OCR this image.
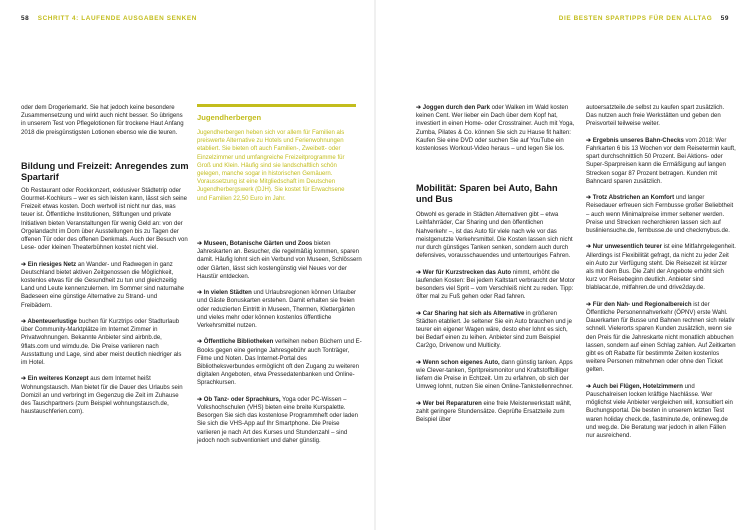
58 SCHRITT 4: LAUFENDE AUSGABEN SENKEN	DIE BESTEN SPARTIPPS FÜR DEN ALLTAG 59

oder dem Drogeriemarkt. Sie hat jedoch keine besondere Zusammensetzung und wirkt auch nicht besser. So übrigens in unserem Test von Pflegelotionen für trockene Haut Anfang 2018 die preisgünstigsten Lotionen ebenso wie die teuren.

Bildung und Freizeit: Anregendes zum Spartarif

Ob Restaurant oder Rockkonzert, exklusiver Städtetrip oder Gourmet-Kochkurs – wer es sich leisten kann, lässt sich seine Freizeit etwas kosten. Doch wertvoll ist nicht nur das, was teuer ist. Öffentliche Institutionen, Stiftungen und private Initiativen bieten Veranstaltungen für wenig Geld an: von der Orgelandacht im Dom über Ausstellungen bis zu Tagen der offenen Tür oder des offenen Denkmals. Auch der Besuch von Lese- oder kleinen Theaterbühnen kostet nicht viel.

➔ Ein riesiges Netz an Wander- und Radwegen in ganz Deutschland bietet aktiven Zeitgenossen die Möglichkeit, kostenlos etwas für die Gesundheit zu tun und gleichzeitig Land und Leute kennenzulernen. Im Sommer sind naturnahe Badeseen eine günstige Alternative zu Strand- und Freibädern.

➔ Abenteuerlustige buchen für Kurztrips oder Stadturlaub über Community-Marktplätze im Internet Zimmer in Privatwohnungen. Bekannte Anbieter sind airbnb.de, 9flats.com und wimdu.de. Die Preise variieren nach Ausstattung und Lage, sind aber meist deutlich niedriger als im Hotel.

➔ Ein weiteres Konzept aus dem Internet heißt Wohnungstausch. Man bietet für die Dauer des Urlaubs sein Domizil an und verbringt im Gegenzug die Zeit im Zuhause des Tauschpartners (zum Beispiel wohnungstausch.de, haustauschferien.com).

Jugendherbergen
Jugendherbergen heben sich vor allem für Familien als preiswerte Alternative zu Hotels und Ferienwohnungen etabliert. Sie bieten oft auch Familien-, Zweibett- oder Einzelzimmer und umfangreiche Freizeitprogramme für Groß und Klein. Häufig sind sie landschaftlich schön gelegen, manche sogar in historischen Gemäuern. Voraussetzung ist eine Mitgliedschaft im Deutschen Jugendherbergswerk (DJH). Sie kostet für Erwachsene und Familien 22,50 Euro im Jahr.

➔ Museen, Botanische Gärten und Zoos bieten Jahreskarten an. Besucher, die regelmäßig kommen, sparen damit. Häufig lohnt sich ein Verbund von Museen, Schlössern oder Gärten, lässt sich kostengünstig viel Neues vor der Haustür entdecken.

➔ In vielen Städten und Urlaubsregionen können Urlauber und Gäste Bonuskarten erstehen. Damit erhalten sie freien oder reduzierten Eintritt in Museen, Thermen, Klettergärten und vieles mehr oder können kostenlos öffentliche Verkehrsmittel nutzen.

➔ Öffentliche Bibliotheken verleihen neben Büchern und E-Books gegen eine geringe Jahresgebühr auch Tonträger, Filme und Noten. Das Internet-Portal des Bibliotheksverbundes ermöglicht oft den Zugang zu weiteren digitalen Angeboten, etwa Pressedatenbanken und Online-Sprachkursen.

➔ Ob Tanz- oder Sprachkurs, Yoga oder PC-Wissen – Volkshochschulen (VHS) bieten eine breite Kurspalette. Besorgen Sie sich das kostenlose Programmheft oder laden Sie sich die VHS-App auf Ihr Smartphone. Die Preise variieren je nach Art des Kurses und Stundenzahl – sind jedoch noch subventioniert und daher günstig.

➔ Joggen durch den Park oder Walken im Wald kosten keinen Cent. Wer lieber ein Dach über dem Kopf hat, investiert in einen Home- oder Crosstrainer. Auch mit Yoga, Zumba, Pilates & Co. können Sie sich zu Hause fit halten: Kaufen Sie eine DVD oder suchen Sie auf YouTube ein kostenloses Workout-Video heraus – und legen Sie los.

Mobilität: Sparen bei Auto, Bahn und Bus

Obwohl es gerade in Städten Alternativen gibt – etwa Leihfahrräder, Car Sharing und den öffentlichen Nahverkehr –, ist das Auto für viele nach wie vor das meistgenutzte Verkehrsmittel. Die Kosten lassen sich nicht nur durch günstiges Tanken senken, sondern auch durch defensives, vorausschauendes und untertouriges Fahren.

➔ Wer für Kurzstrecken das Auto nimmt, erhöht die laufenden Kosten: Bei jedem Kaltstart verbraucht der Motor besonders viel Sprit – vom Verschleiß nicht zu reden. Tipp: öfter mal zu Fuß gehen oder Rad fahren.

➔ Car Sharing hat sich als Alternative in größeren Städten etabliert. Je seltener Sie ein Auto brauchen und je teurer ein eigener Wagen wäre, desto eher lohnt es sich, bei Bedarf einen zu leihen. Anbieter sind zum Beispiel Car2go, Drivenow und Multicity.

➔ Wenn schon eigenes Auto, dann günstig tanken. Apps wie Clever-tanken, Spritpreismonitor und Kraftstoffbilliger liefern die Preise in Echtzeit. Um zu erfahren, ob sich der Umweg lohnt, nutzen Sie einen Online-Tankstellenrechner.

➔ Wer bei Reparaturen eine freie Meisterwerkstatt wählt, zahlt geringere Stundensätze. Geprüfte Ersatzteile zum Beispiel über

autoersatzteile.de selbst zu kaufen spart zusätzlich. Das nutzen auch freie Werkstätten und geben den Preisvorteil teilweise weiter.

➔ Ergebnis unseres Bahn-Checks vom 2018: Wer Fahrkarten 6 bis 13 Wochen vor dem Reisetermin kauft, spart durchschnittlich 50 Prozent. Bei Aktions- oder Super-Sparpreisen kann die Ermäßigung auf langen Strecken sogar 87 Prozent betragen. Kunden mit Bahncard sparen zusätzlich.

➔ Trotz Abstrichen an Komfort und langer Reisedauer erfreuen sich Fernbusse großer Beliebtheit – auch wenn Minimalpreise immer seltener werden. Preise und Strecken recherchieren lassen sich auf busliniensuche.de, fernbusse.de und checkmybus.de.

➔ Nur unwesentlich teurer ist eine Mitfahrgelegenheit. Allerdings ist Flexibilität gefragt, da nicht zu jeder Zeit ein Auto zur Verfügung steht. Die Reisezeit ist kürzer als mit dem Bus. Die Zahl der Angebote erhöht sich kurz vor Reisebeginn deutlich. Anbieter sind blablacar.de, mitfahren.de und drive2day.de.

➔ Für den Nah- und Regionalbereich ist der Öffentliche Personennahverkehr (ÖPNV) erste Wahl. Dauerkarten für Busse und Bahnen rechnen sich relativ schnell. Vielerorts sparen Kunden zusätzlich, wenn sie den Preis für die Jahreskarte nicht monatlich abbuchen lassen, sondern auf einen Schlag zahlen. Auf Zeitkarten gibt es oft Rabatte für bestimmte Zeiten kostenlos weitere Personen mitnehmen oder ohne den Ticket gelten.

➔ Auch bei Flügen, Hotelzimmern und Pauschalreisen locken kräftige Nachlässe. Wer möglichst viele Anbieter vergleichen will, konsultiert ein Buchungsportal. Die besten in unserem letzten Test waren holiday check.de, fastminute.de, onlineweg.de und weg.de. Die Beratung war jedoch in allen Fällen nur ausreichend.
